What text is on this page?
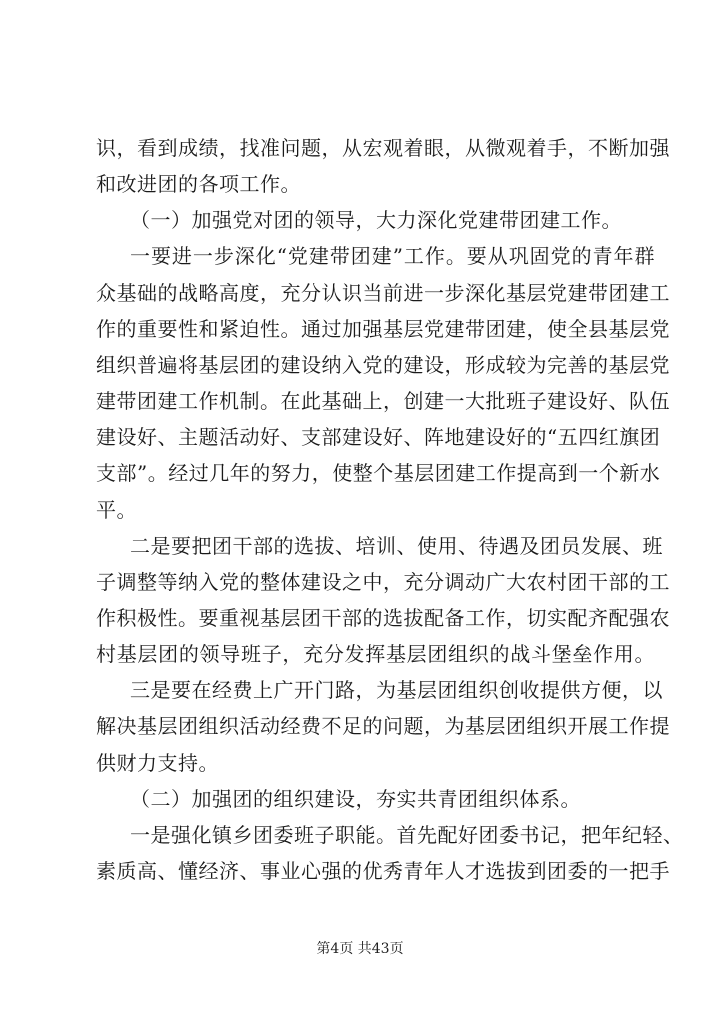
识，看到成绩，找准问题，从宏观着眼，从微观着手，不断加强
和改进团的各项工作。
（一）加强党对团的领导，大力深化党建带团建工作。
一要进一步深化“党建带团建”工作。要从巩固党的青年群
众基础的战略高度，充分认识当前进一步深化基层党建带团建工
作的重要性和紧迫性。通过加强基层党建带团建，使全县基层党
组织普遍将基层团的建设纳入党的建设，形成较为完善的基层党
建带团建工作机制。在此基础上，创建一大批班子建设好、队伍
建设好、主题活动好、支部建设好、阵地建设好的“五四红旗团
支部”。经过几年的努力，使整个基层团建工作提高到一个新水
平。
二是要把团干部的选拔、培训、使用、待遇及团员发展、班
子调整等纳入党的整体建设之中，充分调动广大农村团干部的工
作积极性。要重视基层团干部的选拔配备工作，切实配齐配强农
村基层团的领导班子，充分发挥基层团组织的战斗堡垒作用。
三是要在经费上广开门路，为基层团组织创收提供方便，以
解决基层团组织活动经费不足的问题，为基层团组织开展工作提
供财力支持。
（二）加强团的组织建设，夯实共青团组织体系。
一是强化镇乡团委班子职能。首先配好团委书记，把年纪轻、
素质高、懂经济、事业心强的优秀青年人才选拔到团委的一把手
第4页 共43页
